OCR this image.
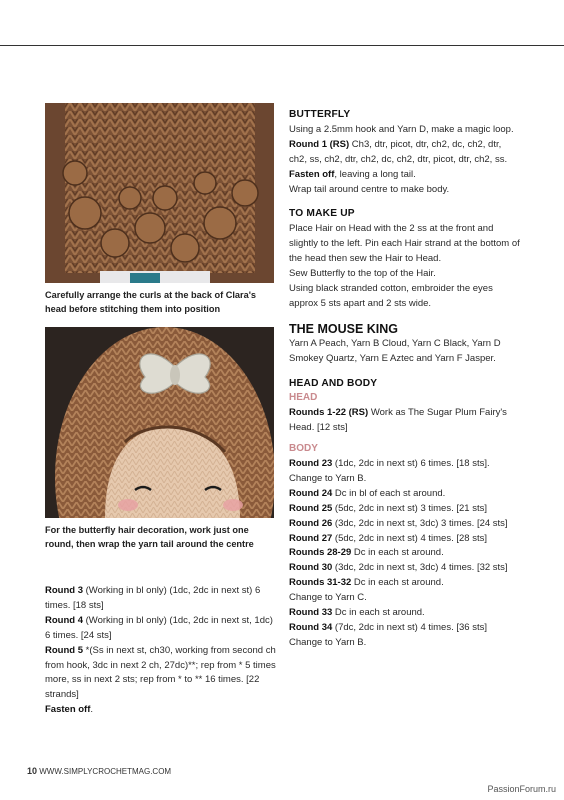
Carefully arrange the curls at the back of Clara's head before stitching them into position
For the butterfly hair decoration, work just one round, then wrap the yarn tail around the centre

Round 3 (Working in bl only) (1dc, 2dc in next st) 6 times. [18 sts]

Round 4 (Working in bl only) (1dc, 2dc in next st, 1dc) 6 times. [24 sts]

Round 5 *(Ss in next st, ch30, working from second ch from hook, 3dc in next 2 ch, 27dc)**; rep from * 5 times more, ss in next 2 sts; rep from * to ** 16 times. [22 strands]

Fasten off.

BUTTERFLY

Using a 2.5mm hook and Yarn D, make a magic loop.

Round 1 (RS) Ch3, dtr, picot, dtr, ch2, dc, ch2, dtr, ch2, ss, ch2, dtr, ch2, dc, ch2, dtr, picot, dtr, ch2, ss.

Fasten off, leaving a long tail.

Wrap tail around centre to make body.

TO MAKE UP

Place Hair on Head with the 2 ss at the front and slightly to the left. Pin each Hair strand at the bottom of the head then sew the Hair to Head.

Sew Butterfly to the top of the Hair.

Using black stranded cotton, embroider the eyes approx 5 sts apart and 2 sts wide.

THE MOUSE KING

Yarn A Peach, Yarn B Cloud, Yarn C Black, Yarn D Smokey Quartz, Yarn E Aztec and Yarn F Jasper.

HEAD AND BODY

HEAD

Rounds 1-22 (RS) Work as The Sugar Plum Fairy's Head. [12 sts]

BODY

Round 23 (1dc, 2dc in next st) 6 times. [18 sts].

Change to Yarn B.

Round 24 Dc in bl of each st around.

Round 25 (5dc, 2dc in next st) 3 times. [21 sts]

Round 26 (3dc, 2dc in next st, 3dc) 3 times. [24 sts]

Round 27 (5dc, 2dc in next st) 4 times. [28 sts]

Rounds 28-29 Dc in each st around.

Round 30 (3dc, 2dc in next st, 3dc) 4 times. [32 sts]

Rounds 31-32 Dc in each st around.

Change to Yarn C.

Round 33 Dc in each st around.

Round 34 (7dc, 2dc in next st) 4 times. [36 sts]

Change to Yarn B.

10 WWW.SIMPLYCROCHETMAG.COM
PassionForum.ru
